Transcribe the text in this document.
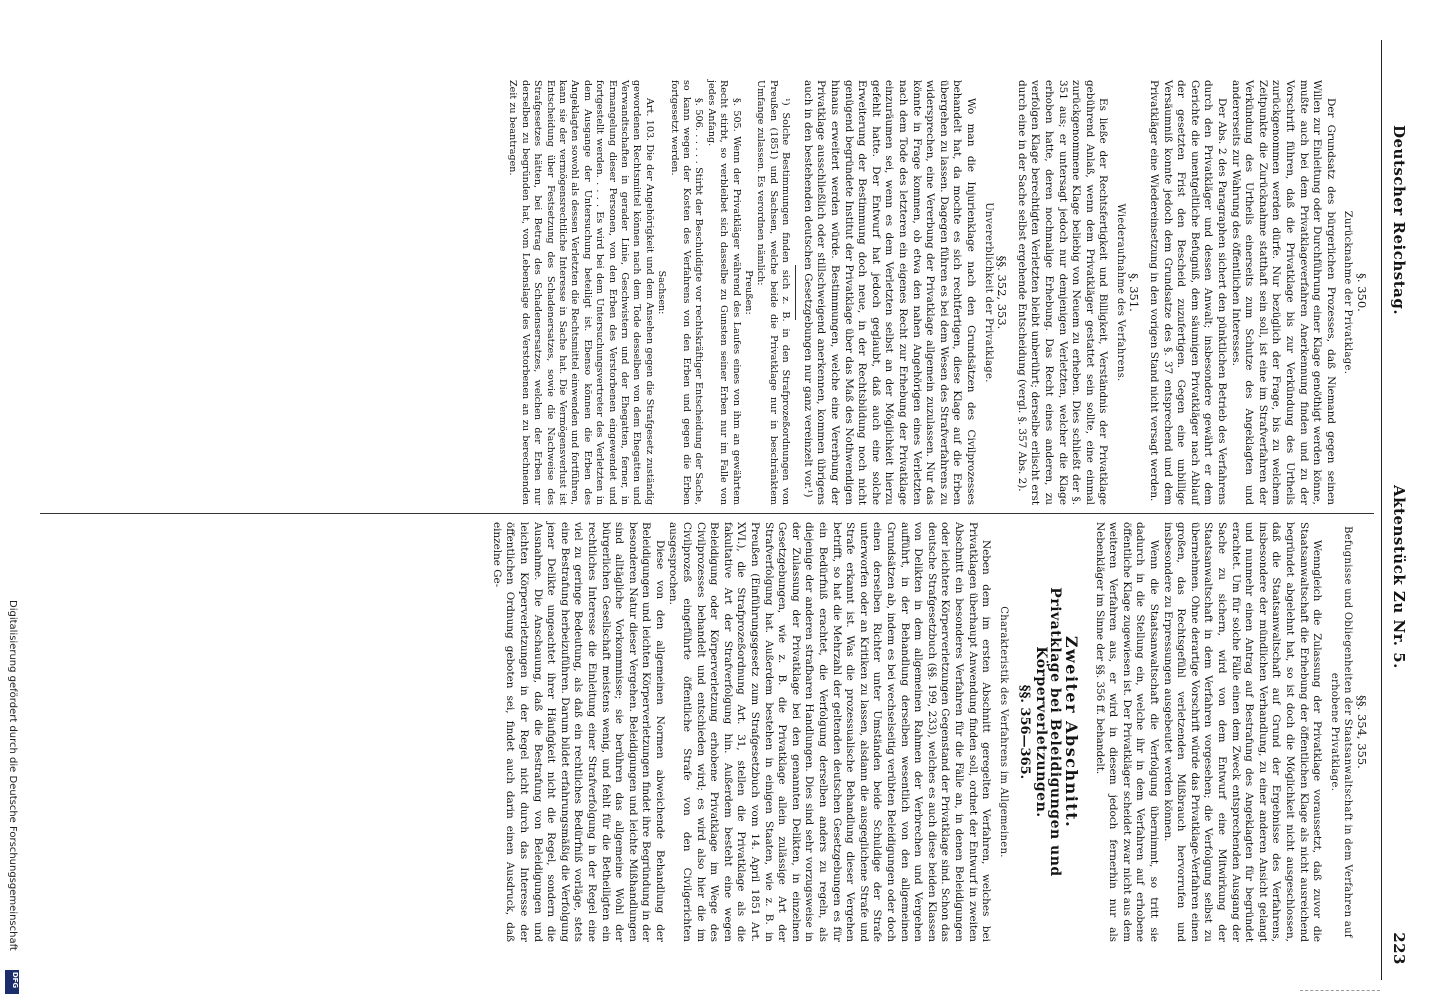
Deutscher Reichstag.
Aktenstück Zu Nr. 5.
223
§. 350.
Zurücknahme der Privatklage.

Der Grundsatz des bürgerlichen Prozesses, daß Niemand gegen seinen Willen zur Einleitung oder Durchführung einer Klage genöthigt werden könne, mußte auch bei dem Privatklageverfahren Anerkennung finden und zu der Vorschrift führen, daß die Privatklage bis zur Verkündung des Urtheils zurückgenommen werden dürfe. Nur bezüglich der Frage, bis zu welchem Zeitpunkte die Zurücknahme statthaft sein soll, ist eine im Strafverfahren der Verkündung des Urtheils einerseits zum Schutze des Angeklagten und andererseits zur Wahrung des öffentlichen Interesses.

Der Abs. 2 des Paragraphen sichert den pünktlichen Betrieb des Verfahrens durch den Privatkläger und dessen Anwalt; insbesondere gewährt er dem Gerichte die unentgeltliche Befugniß, dem säumigen Privatkläger nach Ablauf der gesetzten Frist den Bescheid zuzufertigen. Gegen eine unbillige Versäumniß konnte jedoch dem Grundsatze des §. 37 entsprechend und dem Privatkläger eine Wiedereinsetzung in den vorigen Stand nicht versagt werden.

§. 351.
Wiederaufnahme des Verfahrens.

Es ließe der Rechtsfertigkeit und Billigkeit, Verständnis der Privatklage gebührend Anlaß, wenn dem Privatkläger gestattet sein sollte, eine einmal zurückgenommene Klage beliebig von Neuem zu erheben. Dies schließt der §. 351 aus; er untersagt jedoch nur demjenigen Verletzten, welcher die Klage erhoben hatte, deren nochmalige Erhebung. Das Recht eines anderen, zu verfolgen Klage berechtigten Verletzten bleibt unberührt; derselbe erlischt erst durch eine in der Sache selbst ergehende Entscheidung (vergl. §. 357 Abs. 2).

§§. 352, 353.
Unvererblichkeit der Privatklage.

Wo man die Injurienklage nach den Grundsätzen des Civilprozesses behandelt hat, da mochte es sich rechtfertigen, diese Klage auf die Erben übergehen zu lassen. Dagegen führen es bei dem Wesen des Strafverfahrens zu widersprechen, eine Vererbung der Privatklage allgemein zuzulassen. Nur das könnte in Frage kommen, ob etwa den nahen Angehörigen eines Verletzten nach dem Tode des letzteren ein eigenes Recht zur Erhebung der Privatklage einzuräumen sei, wenn es dem Verletzten selbst an der Möglichkeit hierzu gefehlt hatte. Der Entwurf hat jedoch geglaubt, daß auch eine solche Erweiterung der Bestimmung doch neue, in der Rechtsbildung noch nicht genügend begründete Institut der Privatklage über das Maß des Nothwendigen hinaus erweitert werden würde. Bestimmungen, welche eine Vererbung der Privatklage ausschließlich oder stillschweigend anerkennen, kommen übrigens auch in den bestehenden deutschen Gesetzgebungen nur ganz vereinzelt vor.¹)

¹) Solche Bestimmungen finden sich z. B. in den Strafprozeßordnungen von Preußen (1851) und Sachsen, welche beide die Privatklage nur in beschränktem Umfange zulassen. Es verordnen nämlich:

Preußen:

§. 505. Wenn der Privatkläger während des Laufes eines von ihm an gewährtem Recht stirbt, so verbleibet sich dasselbe zu Gunsten seiner Erben nur im Falle von jedes Anfang.

§. 506. . . . . . Stirbt der Beschuldigte vor rechtskräftiger Entscheidung der Sache, so kann wegen der Kosten des Verfahrens von den Erben und gegen die Erben fortgesetzt werden.

Sachsen:

Art. 103. Die der Angehörigkeit und dem Ansehen gegen die Strafgesetz zuständig gewordenen Rechtsmittel können nach dem Tode desselben von dem Ehegatten und Verwandtschaften in gerader Linie, Geschwistern und der Ehegatten, ferner, in Ermangelung dieser Personen, von den Erben des Verstorbenen eingewendet und fortgestellt werden. . . . . Es wird bei dem Untersuchungsvertreter des Verletzten in dem Ausgange der Untersuchung beteiligt ist. Ebenso können die Erben des Angeklagten sowohl als dessen Verletzten die Rechtsmittel einwenden und fortführen, kann sie der vermögensrechtliche Interesse in Sache hat. Die Vermögensverlust ist Entscheidung über Festsetzung des Schadenersatzes, sowie die Nachweise des Strafgesetzes hätten, bei Betrag des Schadensersatzes, welchen der Erben nur derselben zu begründen hat, vom Lebenslage des Verstorbenen an zu berechnenden Zeit zu beantragen.

§§. 354, 355.
Befugnisse und Obliegenheiten der Staatsanwaltschaft in dem Verfahren auf erhobene Privatklage.

Wenngleich die Zulassung der Privatklage voraussetzt, daß zuvor die Staatsanwaltschaft die Erhebung der öffentlichen Klage als nicht ausreichend begründet abgelehnt hat, so ist doch die Möglichkeit nicht ausgeschlossen, daß die Staatsanwaltschaft auf Grund der Ergebnisse des Verfahrens, insbesondere der mündlichen Verhandlung, zu einer anderen Ansicht gelangt und nunmehr einen Antrag auf Bestrafung des Angeklagten für begründet erachtet. Um für solche Fälle einen dem Zweck entsprechenden Ausgang der Sache zu sichern, wird von dem Entwurf eine Mitwirkung der Staatsanwaltschaft in dem Verfahren vorgesehen; die Verfolgung selbst zu übernehmen. Ohne derartige Vorschrift würde das Privatklage-Verfahren einen großen, das Rechtsgefühl verletzenden Mißbrauch hervorrufen und insbesondere zu Erpressungen ausgebeutet werden können.

Wenn die Staatsanwaltschaft die Verfolgung übernimmt, so tritt sie dadurch in die Stellung ein, welche ihr in dem Verfahren auf erhobene öffentliche Klage zugewiesen ist. Der Privatkläger scheidet zwar nicht aus dem weiteren Verfahren aus, er wird in diesem jedoch fernerhin nur als Nebenkläger im Sinne der §§. 356 ff. behandelt.

Zweiter Abschnitt.
Privatklage bei Beleidigungen und Körperverletzungen.
§§. 356—365.
Charakteristik des Verfahrens im Allgemeinen.

Neben dem im ersten Abschnitt geregelten Verfahren, welches bei Privatklagen überhaupt Anwendung finden soll, ordnet der Entwurf in zweiten Abschnitt ein besonderes Verfahren für die Fälle an, in denen Beleidigungen oder leichtere Körperverletzungen Gegenstand der Privatklage sind. Schon das deutsche Strafgesetzbuch (§§. 199, 233), welches es auch diese beiden Klassen von Delikten in dem allgemeinen Rahmen der Verbrechen und Vergehen aufführt, in der Behandlung derselben wesentlich von den allgemeinen Grundsätzen ab, indem es bei wechselseitig verübten Beleidigungen oder doch einen derselben Richter unter Umständen beide Schuldige der Strafe unterworfen oder an Kritiken zu lassen, alsdann die ausgeglichene Strafe und Strafe erkannt ist. Was die prozessualische Behandlung dieser Vergehen betrifft, so hat die Mehrzahl der geltenden deutschen Gesetzgebungen es für ein Bedürfniß erachtet, die Verfolgung derselben anders zu regeln, als diejenige der anderen strafbaren Handlungen. Dies sind sehr vorzugsweise in der Zulassung der Privatklage bei den genannten Delikten, in einzelnen Gesetzgebungen, wie z. B. die Privatklage allein zulässige Art der Strafverfolgung hat. Außerdem bestehen in einigen Staaten, wie z. B. in Preußen (Einführungsgesetz zum Strafgesetzbuch vom 14. April 1851 Art. XVI.), die Strafprozeßordnung Art. 31, stellen die Privatklage als die fakultative Art der Strafverfolgung hin. Außerdem besteht eine wegen Beleidigung oder Körperverletzung erhobene Privatklage im Wege des Civilprozesses behandelt und entschieden wird; es wird also hier die im Civilprozeß eingeführte öffentliche Strafe von den Civilgerichten ausgesprochen.

Diese von den allgemeinen Normen abweichende Behandlung der Beleidigungen und leichten Körperverletzungen findet ihre Begründung in der besonderen Natur dieser Vergehen. Beleidigungen und leichte Mißhandlungen sind alltägliche Vorkommnisse; sie berühren das allgemeine Wohl der bürgerlichen Gesellschaft meistens wenig, und fehlt für die Betheiligten ein rechtliches Interesse die Einleitung einer Strafverfolgung in der Regel eine viel zu geringe Bedeutung, als daß ein rechtliches Bedürfniß vorläge, stets eine Bestrafung herbeizuführen. Darum bildet erfahrungsmäßig die Verfolgung jener Delikte ungeachtet ihrer Häufigkeit nicht die Regel, sondern die Ausnahme. Die Anschauung, daß die Bestrafung von Beleidigungen und leichten Körperverletzungen in der Regel nicht durch das Interesse der öffentlichen Ordnung geboten sei, findet auch darin einen Ausdruck, daß einzelne Ge-

Digitalisierung gefördert durch die Deutsche Forschungsgemeinschaft
DFG
